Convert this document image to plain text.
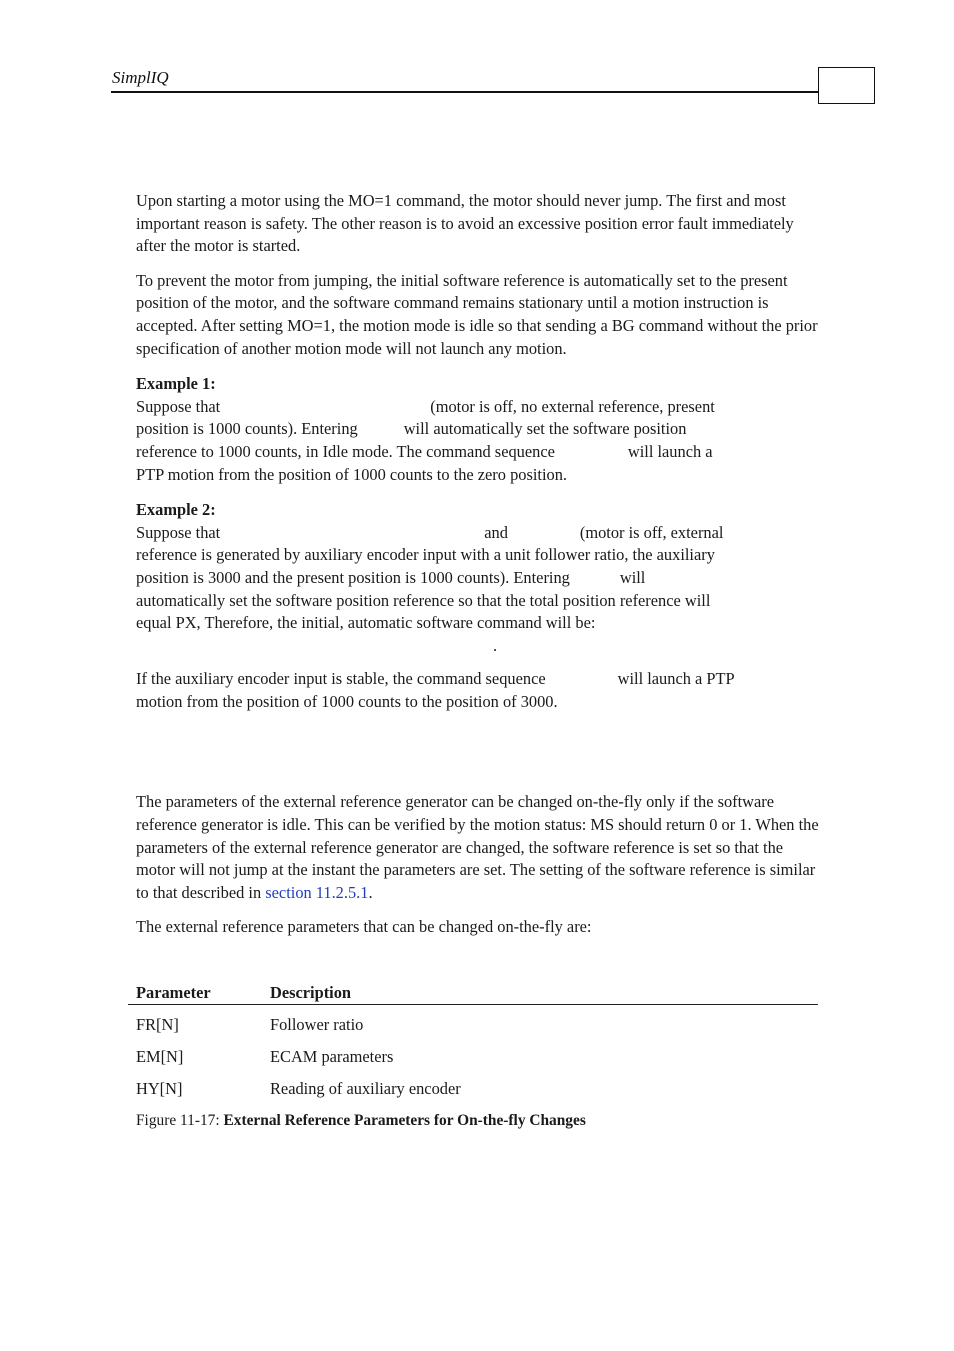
SimplIQ

Upon starting a motor using the MO=1 command, the motor should never jump. The first and most important reason is safety. The other reason is to avoid an excessive position error fault immediately after the motor is started.

To prevent the motor from jumping, the initial software reference is automatically set to the present position of the motor, and the software command remains stationary until a motion instruction is accepted. After setting MO=1, the motion mode is idle so that sending a BG command without the prior specification of another motion mode will not launch any motion.

Example 1:

Suppose that	(motor is off, no external reference, present

position is 1000 counts). Entering	will automatically set the software position

reference to 1000 counts, in Idle mode. The command sequence	will launch a

PTP motion from the position of 1000 counts to the zero position.

Example 2:

Suppose that	and	(motor is off, external

reference is generated by auxiliary encoder input with a unit follower ratio, the auxiliary

position is 3000 and the present position is 1000 counts). Entering	will

automatically set the software position reference so that the total position reference will

equal PX, Therefore, the initial, automatic software command will be:

.

If the auxiliary encoder input is stable, the command sequence	will launch a PTP

motion from the position of 1000 counts to the position of 3000.

The parameters of the external reference generator can be changed on-the-fly only if the software reference generator is idle. This can be verified by the motion status: MS should return 0 or 1. When the parameters of the external reference generator are changed, the software reference is set so that the motor will not jump at the instant the parameters are set. The setting of the software reference is similar to that described in section 11.2.5.1.

The external reference parameters that can be changed on-the-fly are:

Parameter	Description
FR[N]	Follower ratio
EM[N]	ECAM parameters
HY[N]	Reading of auxiliary encoder
Figure 11-17: External Reference Parameters for On-the-fly Changes
